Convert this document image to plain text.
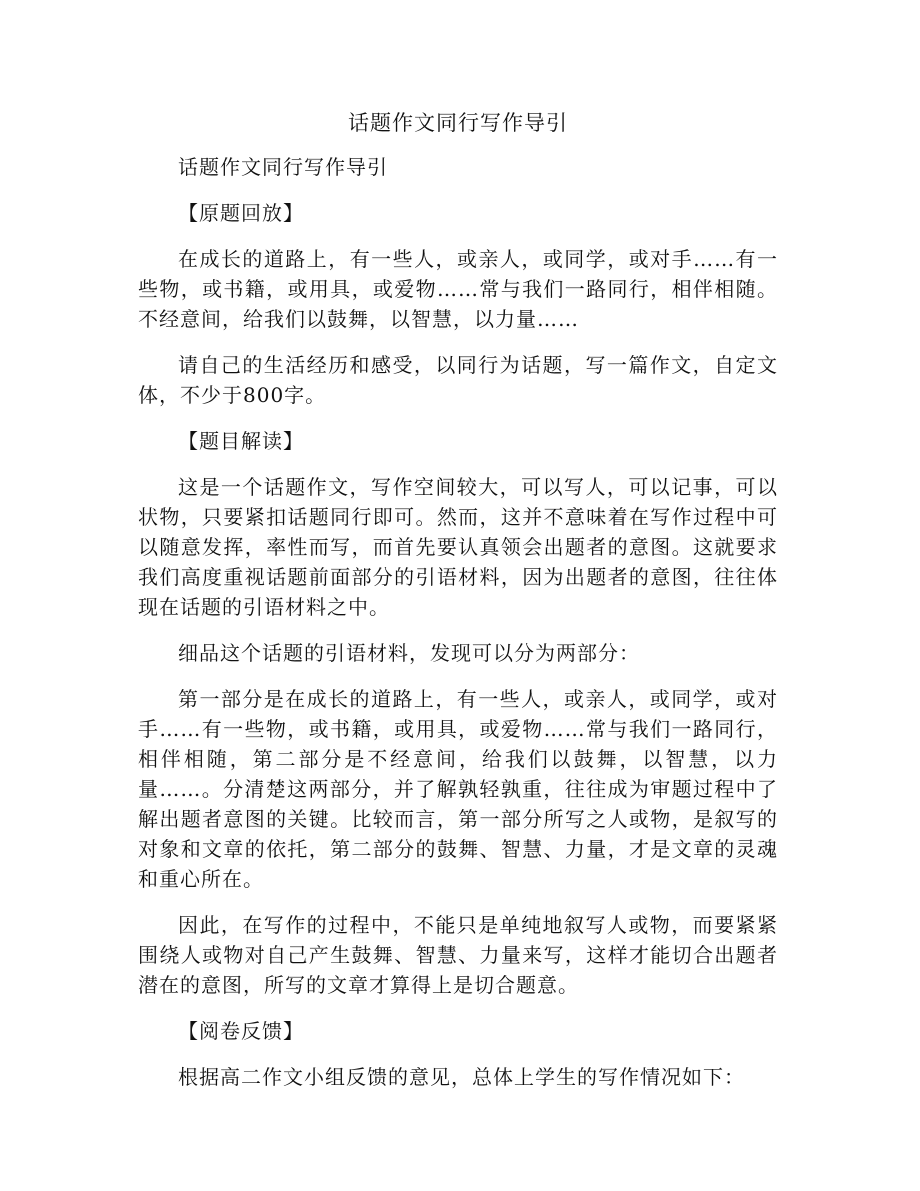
话题作文同行写作导引

话题作文同行写作导引

【原题回放】

在成长的道路上，有一些人，或亲人，或同学，或对手……有一些物，或书籍，或用具，或爱物……常与我们一路同行，相伴相随。不经意间，给我们以鼓舞，以智慧，以力量……

请自己的生活经历和感受，以同行为话题，写一篇作文，自定文体，不少于800字。

【题目解读】

这是一个话题作文，写作空间较大，可以写人，可以记事，可以状物，只要紧扣话题同行即可。然而，这并不意味着在写作过程中可以随意发挥，率性而写，而首先要认真领会出题者的意图。这就要求我们高度重视话题前面部分的引语材料，因为出题者的意图，往往体现在话题的引语材料之中。

细品这个话题的引语材料，发现可以分为两部分：

第一部分是在成长的道路上，有一些人，或亲人，或同学，或对手……有一些物，或书籍，或用具，或爱物……常与我们一路同行，相伴相随，第二部分是不经意间，给我们以鼓舞，以智慧，以力量……。分清楚这两部分，并了解孰轻孰重，往往成为审题过程中了解出题者意图的关键。比较而言，第一部分所写之人或物，是叙写的对象和文章的依托，第二部分的鼓舞、智慧、力量，才是文章的灵魂和重心所在。

因此，在写作的过程中，不能只是单纯地叙写人或物，而要紧紧围绕人或物对自己产生鼓舞、智慧、力量来写，这样才能切合出题者潜在的意图，所写的文章才算得上是切合题意。

【阅卷反馈】

根据高二作文小组反馈的意见，总体上学生的写作情况如下：
